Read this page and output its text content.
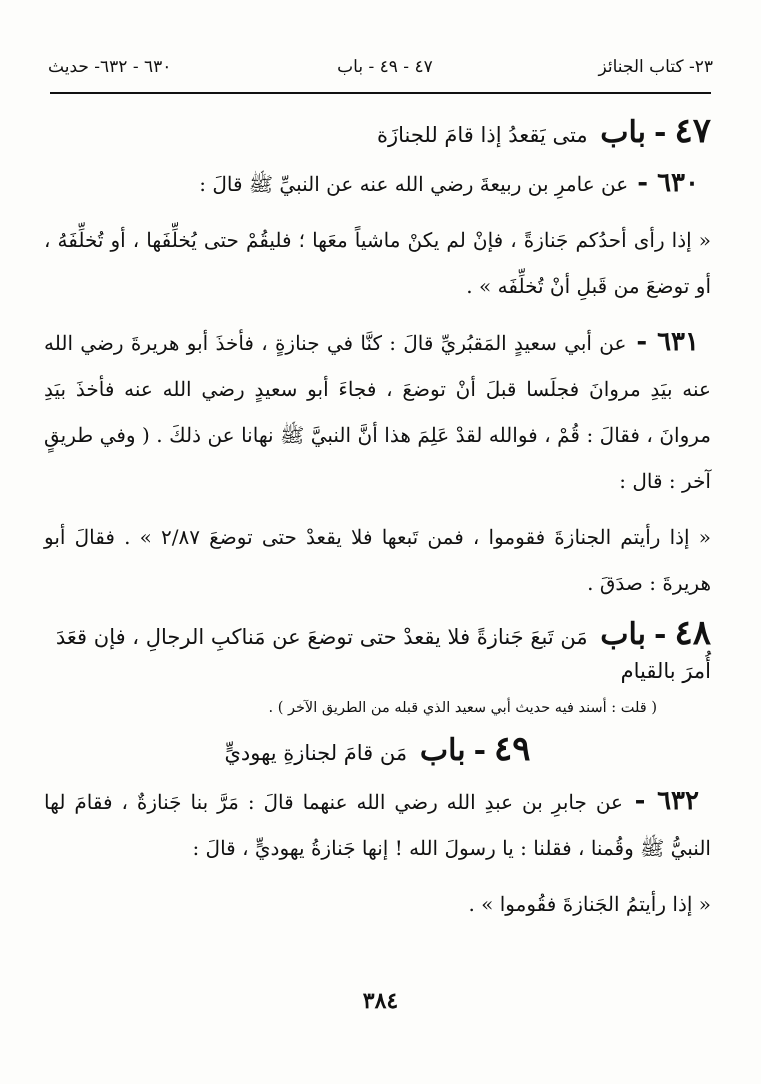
٢٣- كتاب الجنائز
٤٧ - ٤٩ - باب
٦٣٠ - ٦٣٢- حديث
٤٧-باب متى يَقعدُ إذا قامَ للجنازَة

٦٣٠ - عن عامرِ بن ربيعةَ رضي الله عنه عن النبيِّ ﷺ قالَ :

« إذا رأى أحدُكم جَنازةً ، فإنْ لم يكنْ ماشياً معَها ؛ فليقُمْ حتى يُخلِّفَها ، أو تُخلِّفَهُ ، أو توضعَ من قَبلِ أنْ تُخلِّفَه » .

٦٣١ - عن أبي سعيدٍ المَقبُريِّ قالَ : كنَّا في جنازةٍ ، فأخذَ أبو هريرةَ رضي الله عنه بيَدِ مروانَ فجلَسا قبلَ أنْ توضعَ ، فجاءَ أبو سعيدٍ رضي الله عنه فأخذَ بيَدِ مروانَ ، فقالَ : قُمْ ، فوالله لقدْ عَلِمَ هذا أنَّ النبيَّ ﷺ نهانا عن ذلكَ . ( وفي طريقٍ آخر : قال :

« إذا رأيتم الجنازةَ فقوموا ، فمن تَبعها فلا يقعدْ حتى توضعَ ٢/٨٧ » . فقالَ أبو هريرةَ : صدَقَ .

٤٨-باب مَن تَبعَ جَنازةً فلا يقعدْ حتى توضعَ عن مَناكبِ الرجالِ ، فإن قعَدَ أُمرَ بالقيام
( قلت : أسند فيه حديث أبي سعيد الذي قبله من الطريق الآخر ) .
٤٩-باب مَن قامَ لجنازةِ يهوديٍّ

٦٣٢ - عن جابرِ بن عبدِ الله رضي الله عنهما قالَ : مَرَّ بنا جَنازةٌ ، فقامَ لها النبيُّ ﷺ وقُمنا ، فقلنا : يا رسولَ الله ! إنها جَنازةُ يهوديٍّ ، قالَ :

« إذا رأيتمُ الجَنازةَ فقُوموا » .

٣٨٤
